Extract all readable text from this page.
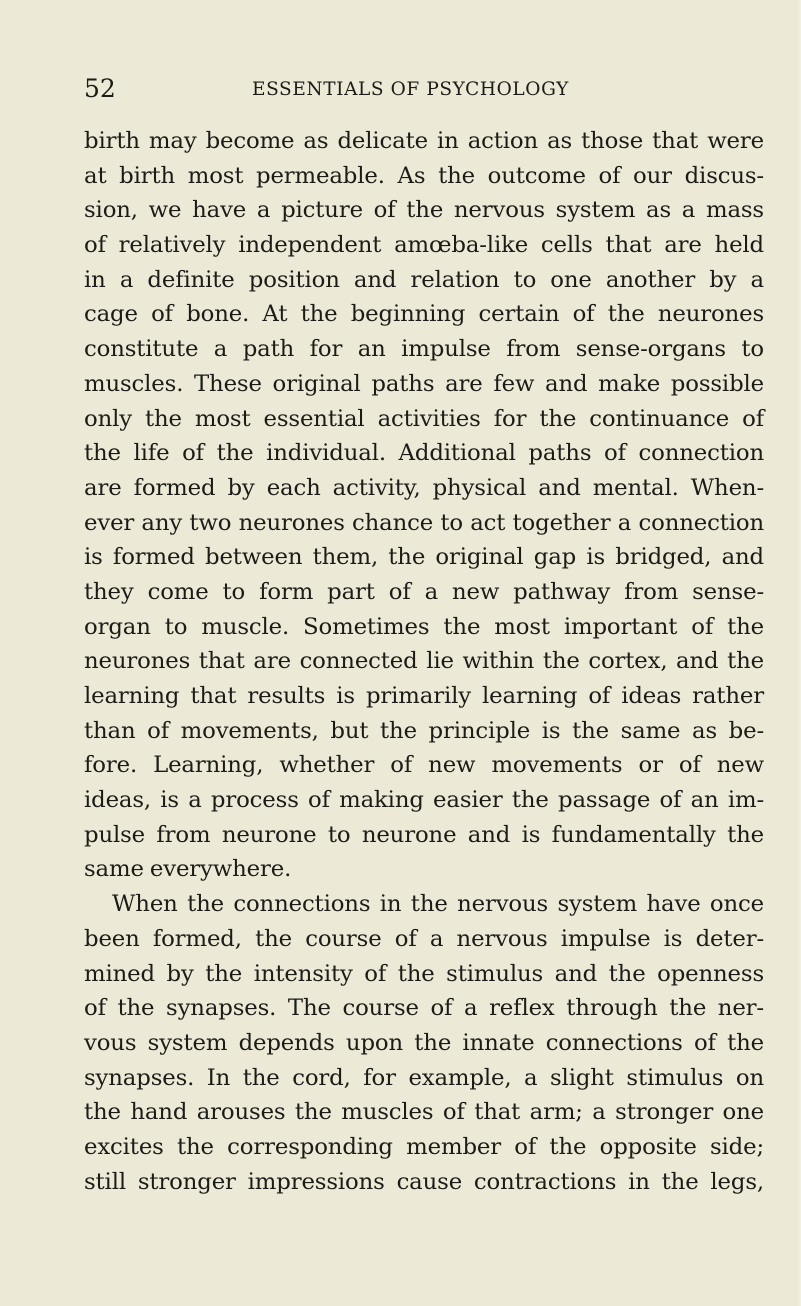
52	ESSENTIALS OF PSYCHOLOGY
birth may become as delicate in action as those that were
at birth most permeable. As the outcome of our discus-
sion, we have a picture of the nervous system as a mass
of relatively independent amœba-like cells that are held
in a definite position and relation to one another by a
cage of bone. At the beginning certain of the neurones
constitute a path for an impulse from sense-organs to
muscles. These original paths are few and make possible
only the most essential activities for the continuance of
the life of the individual. Additional paths of connection
are formed by each activity, physical and mental. When-
ever any two neurones chance to act together a connection
is formed between them, the original gap is bridged, and
they come to form part of a new pathway from sense-
organ to muscle. Sometimes the most important of the
neurones that are connected lie within the cortex, and the
learning that results is primarily learning of ideas rather
than of movements, but the principle is the same as be-
fore. Learning, whether of new movements or of new
ideas, is a process of making easier the passage of an im-
pulse from neurone to neurone and is fundamentally the
same everywhere.
When the connections in the nervous system have once
been formed, the course of a nervous impulse is deter-
mined by the intensity of the stimulus and the openness
of the synapses. The course of a reflex through the ner-
vous system depends upon the innate connections of the
synapses. In the cord, for example, a slight stimulus on
the hand arouses the muscles of that arm; a stronger one
excites the corresponding member of the opposite side;
still stronger impressions cause contractions in the legs,
